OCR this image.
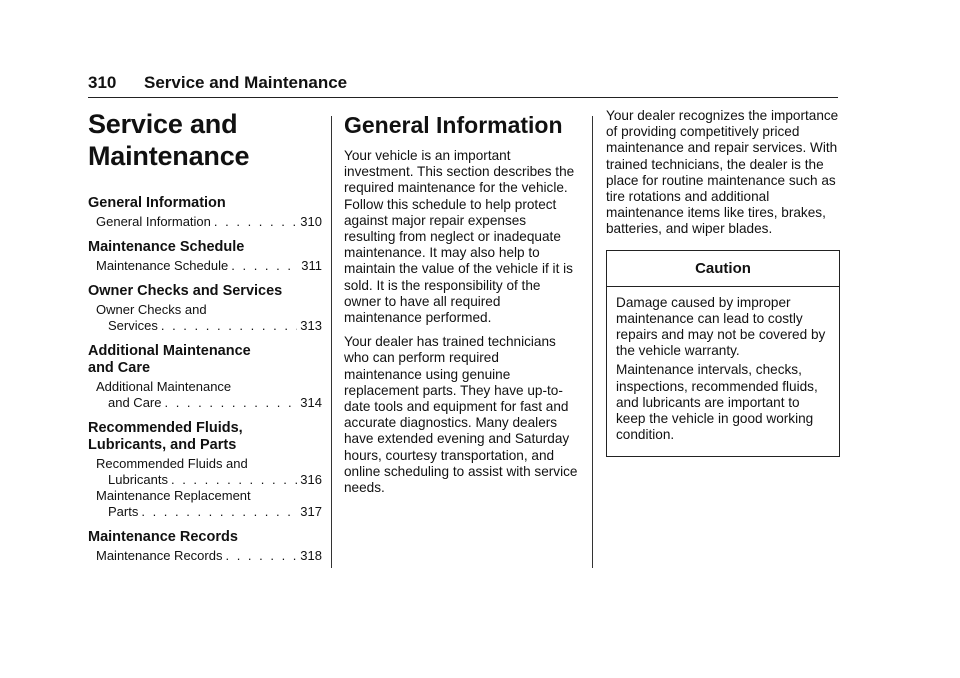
310 Service and Maintenance
Service and
Maintenance
General Information
General Information . . .	310
Maintenance Schedule
Maintenance Schedule . . .	311
Owner Checks and Services
Owner Checks and
Services . . .	313
Additional Maintenance
and Care
Additional Maintenance
and Care . . .	314
Recommended Fluids,
Lubricants, and Parts
Recommended Fluids and
Lubricants . . .	316
Maintenance Replacement
Parts . . .	317
Maintenance Records
Maintenance Records . . .	318
General Information

Your vehicle is an important investment. This section describes the required maintenance for the vehicle. Follow this schedule to help protect against major repair expenses resulting from neglect or inadequate maintenance. It may also help to maintain the value of the vehicle if it is sold. It is the responsibility of the owner to have all required maintenance performed.

Your dealer has trained technicians who can perform required maintenance using genuine replacement parts. They have up-to-date tools and equipment for fast and accurate diagnostics. Many dealers have extended evening and Saturday hours, courtesy transportation, and online scheduling to assist with service needs.

Your dealer recognizes the importance of providing competitively priced maintenance and repair services. With trained technicians, the dealer is the place for routine maintenance such as tire rotations and additional maintenance items like tires, brakes, batteries, and wiper blades.

Caution

Damage caused by improper maintenance can lead to costly repairs and may not be covered by the vehicle warranty.

Maintenance intervals, checks, inspections, recommended fluids, and lubricants are important to keep the vehicle in good working condition.
